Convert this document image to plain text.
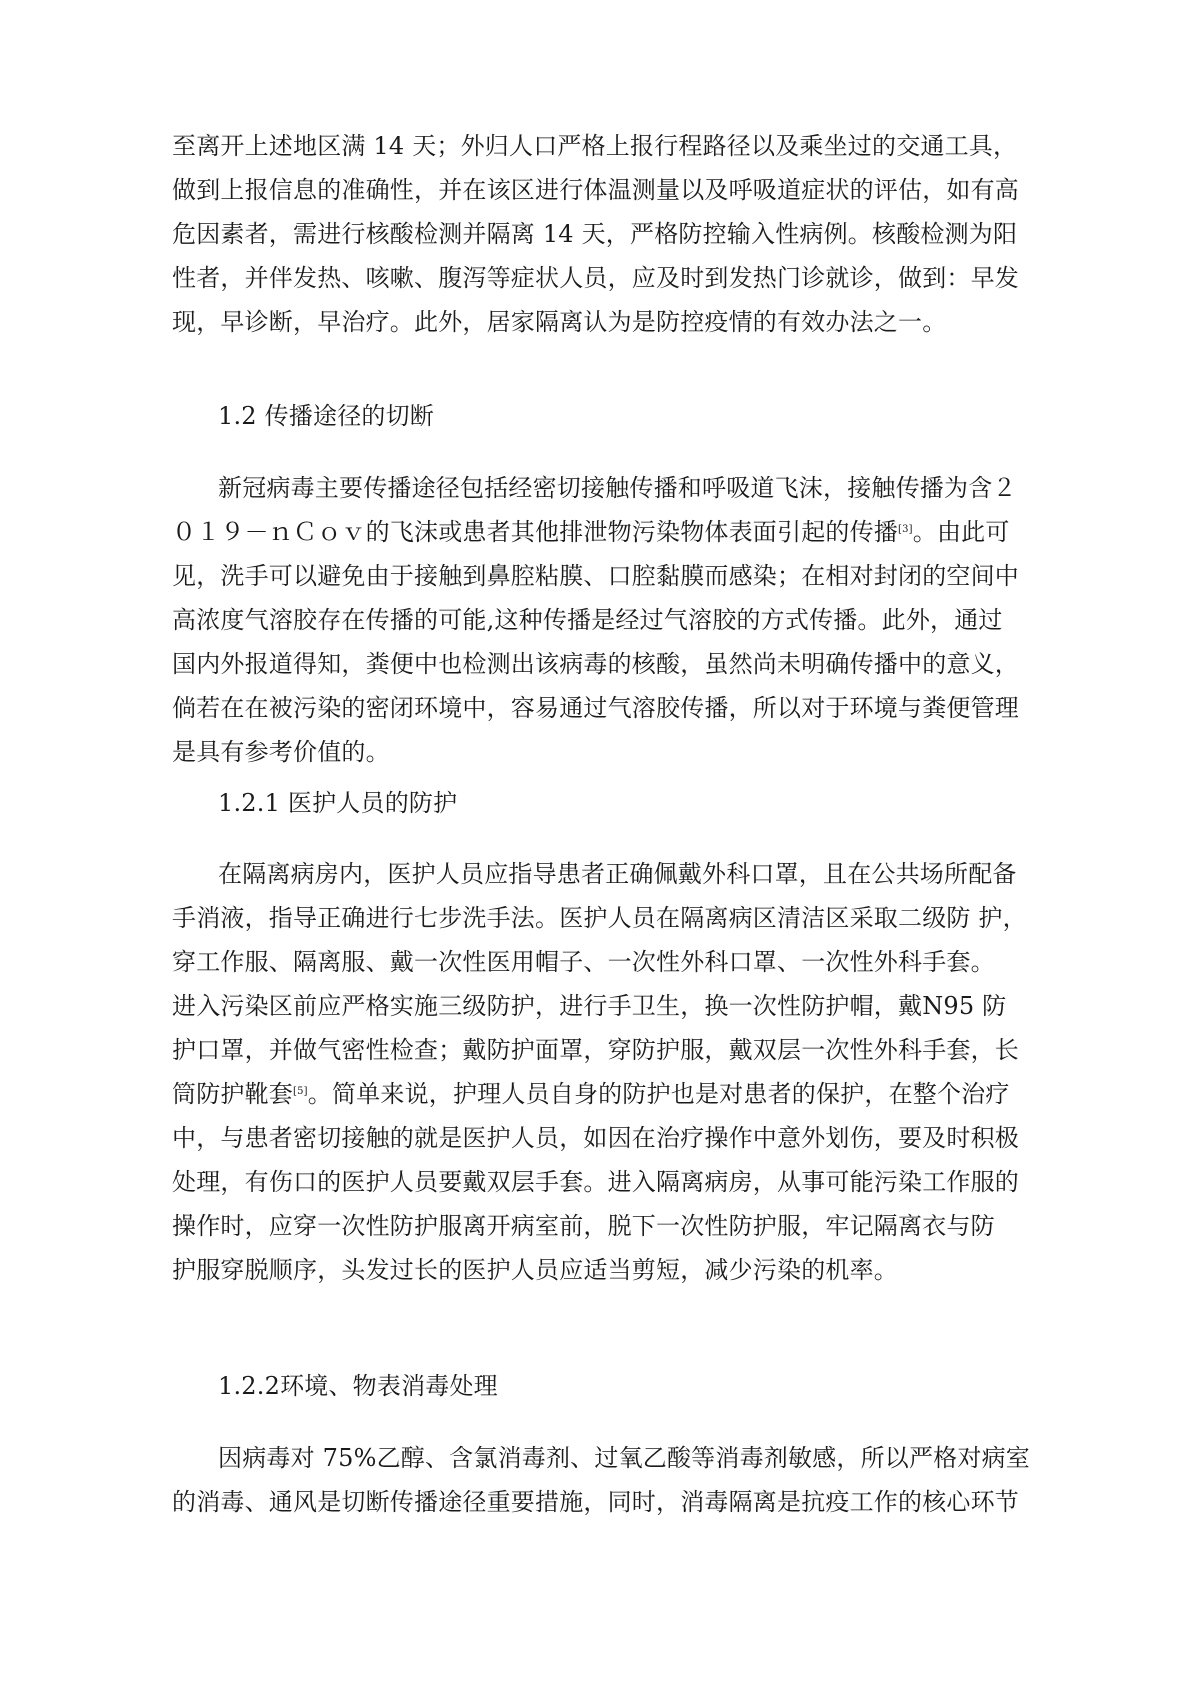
至离开上述地区满 14 天；外归人口严格上报行程路径以及乘坐过的交通工具，
做到上报信息的准确性，并在该区进行体温测量以及呼吸道症状的评估，如有高
危因素者，需进行核酸检测并隔离 14 天，严格防控输入性病例。核酸检测为阳
性者，并伴发热、咳嗽、腹泻等症状人员，应及时到发热门诊就诊，做到：早发
现，早诊断，早治疗。此外，居家隔离认为是防控疫情的有效办法之一。
1.2 传播途径的切断
新冠病毒主要传播途径包括经密切接触传播和呼吸道飞沫，接触传播为含２
０１９－ｎＣｏｖ的飞沫或患者其他排泄物污染物体表面引起的传播[3]。由此可
见，洗手可以避免由于接触到鼻腔粘膜、口腔黏膜而感染；在相对封闭的空间中
高浓度气溶胶存在传播的可能,这种传播是经过气溶胶的方式传播。此外，通过
国内外报道得知，粪便中也检测出该病毒的核酸，虽然尚未明确传播中的意义，
倘若在在被污染的密闭环境中，容易通过气溶胶传播，所以对于环境与粪便管理
是具有参考价值的。
1.2.1 医护人员的防护
在隔离病房内，医护人员应指导患者正确佩戴外科口罩，且在公共场所配备
手消液，指导正确进行七步洗手法。医护人员在隔离病区清洁区采取二级防 护，
穿工作服、隔离服、戴一次性医用帽子、一次性外科口罩、一次性外科手套。
进入污染区前应严格实施三级防护，进行手卫生，换一次性防护帽，戴N95 防
护口罩，并做气密性检查；戴防护面罩，穿防护服，戴双层一次性外科手套，长
筒防护靴套[5]。简单来说，护理人员自身的防护也是对患者的保护，在整个治疗
中，与患者密切接触的就是医护人员，如因在治疗操作中意外划伤，要及时积极
处理，有伤口的医护人员要戴双层手套。进入隔离病房，从事可能污染工作服的
操作时，应穿一次性防护服离开病室前，脱下一次性防护服，牢记隔离衣与防
护服穿脱顺序，头发过长的医护人员应适当剪短，减少污染的机率。
1.2.2环境、物表消毒处理
因病毒对 75%乙醇、含氯消毒剂、过氧乙酸等消毒剂敏感，所以严格对病室
的消毒、通风是切断传播途径重要措施，同时，消毒隔离是抗疫工作的核心环节
